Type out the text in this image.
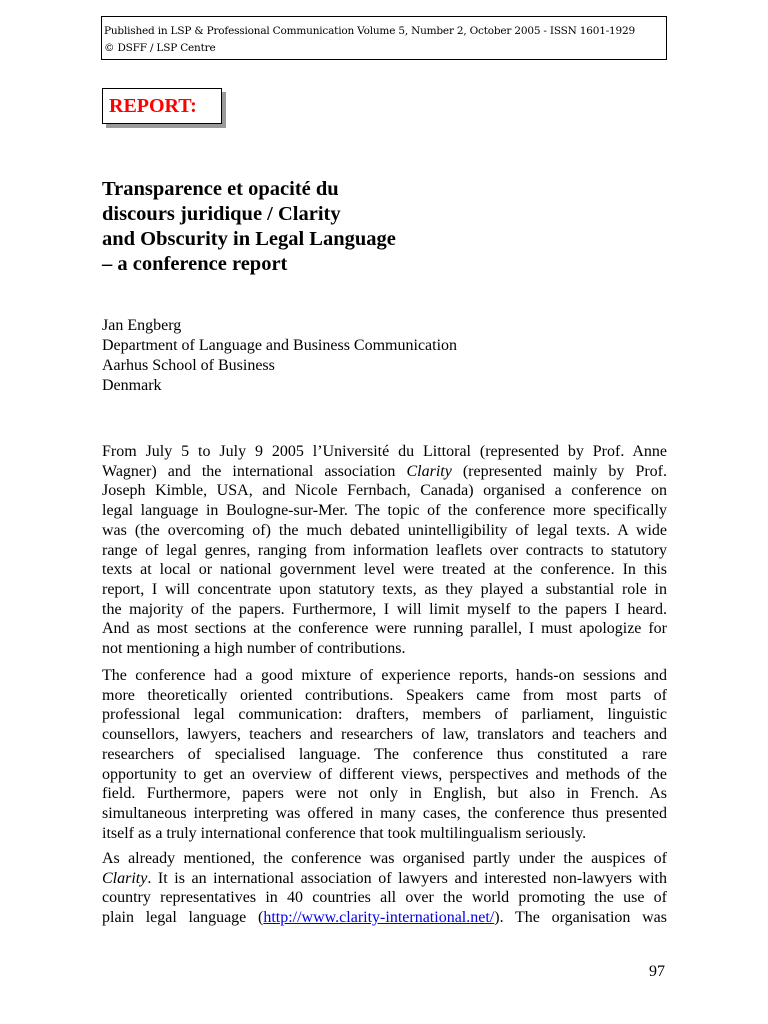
Published in LSP & Professional Communication Volume 5, Number 2, October 2005 - ISSN 1601-1929
© DSFF / LSP Centre
REPORT:
Transparence et opacité du
discours juridique / Clarity
and Obscurity in Legal Language
– a conference report
Jan Engberg
Department of Language and Business Communication
Aarhus School of Business
Denmark
From July 5 to July 9 2005 l’Université du Littoral (represented by Prof. Anne
Wagner) and the international association Clarity (represented mainly by Prof.
Joseph Kimble, USA, and Nicole Fernbach, Canada) organised a conference on
legal language in Boulogne-sur-Mer. The topic of the conference more specifically
was (the overcoming of) the much debated unintelligibility of legal texts. A wide
range of legal genres, ranging from information leaflets over contracts to statutory
texts at local or national government level were treated at the conference. In this
report, I will concentrate upon statutory texts, as they played a substantial role in
the majority of the papers. Furthermore, I will limit myself to the papers I heard.
And as most sections at the conference were running parallel, I must apologize for
not mentioning a high number of contributions.
The conference had a good mixture of experience reports, hands-on sessions and
more theoretically oriented contributions. Speakers came from most parts of
professional legal communication: drafters, members of parliament, linguistic
counsellors, lawyers, teachers and researchers of law, translators and teachers and
researchers of specialised language. The conference thus constituted a rare
opportunity to get an overview of different views, perspectives and methods of the
field. Furthermore, papers were not only in English, but also in French. As
simultaneous interpreting was offered in many cases, the conference thus presented
itself as a truly international conference that took multilingualism seriously.
As already mentioned, the conference was organised partly under the auspices of
Clarity. It is an international association of lawyers and interested non-lawyers with
country representatives in 40 countries all over the world promoting the use of
plain legal language (http://www.clarity-international.net/). The organisation was
97
